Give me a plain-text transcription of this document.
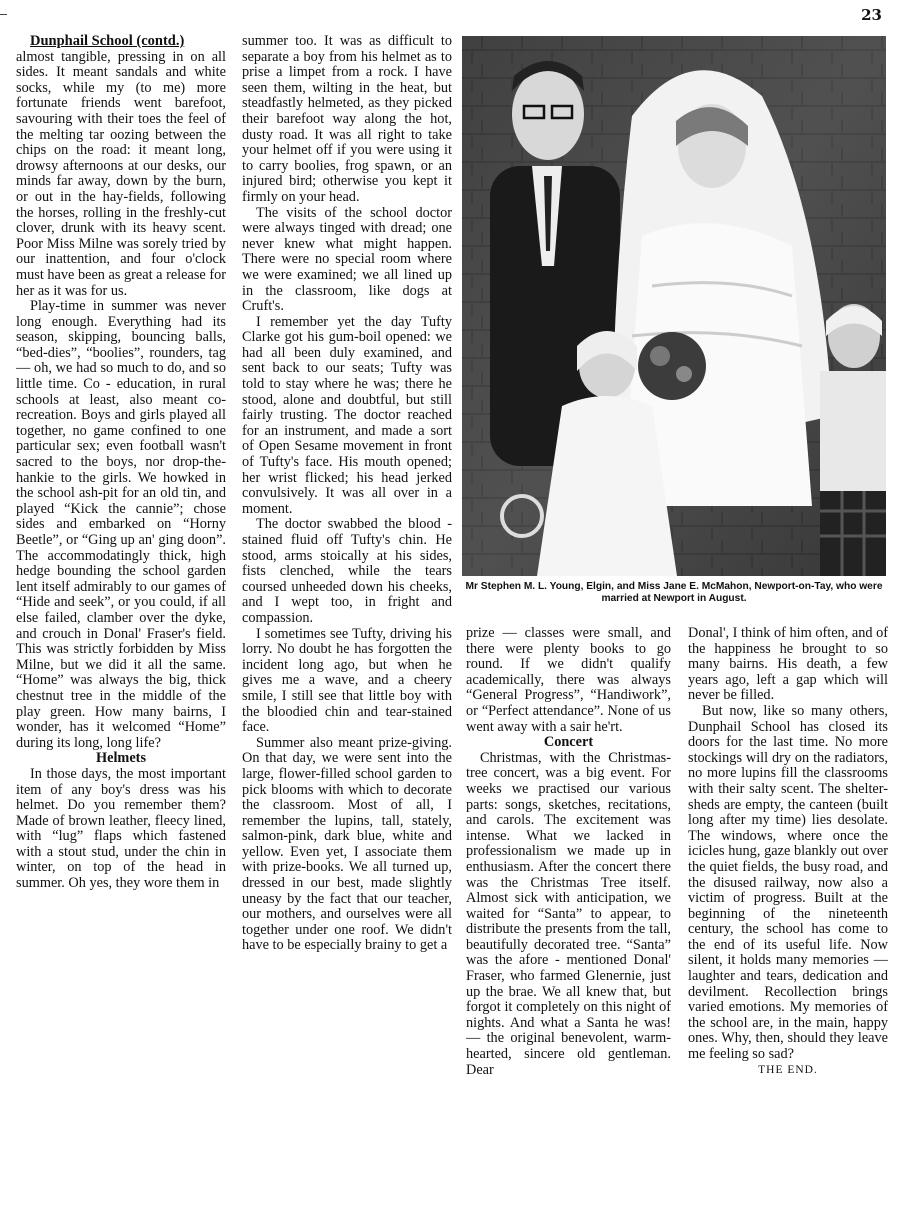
23

Dunphail School (contd.)

almost tangible, pressing in on all sides. It meant sandals and white socks, while my (to me) more fortunate friends went barefoot, savouring with their toes the feel of the melting tar oozing between the chips on the road: it meant long, drowsy afternoons at our desks, our minds far away, down by the burn, or out in the hay-fields, following the horses, rolling in the freshly-cut clover, drunk with its heavy scent. Poor Miss Milne was sorely tried by our inattention, and four o'clock must have been as great a release for her as it was for us.

Play-time in summer was never long enough. Everything had its season, skipping, bouncing balls, “bed-dies”, “boolies”, rounders, tag — oh, we had so much to do, and so little time. Co - education, in rural schools at least, also meant co-recreation. Boys and girls played all together, no game confined to one particular sex; even football wasn't sacred to the boys, nor drop-the-hankie to the girls. We howked in the school ash-pit for an old tin, and played “Kick the cannie”; chose sides and embarked on “Horny Beetle”, or “Ging up an' ging doon”. The accommodatingly thick, high hedge bounding the school garden lent itself admirably to our games of “Hide and seek”, or you could, if all else failed, clamber over the dyke, and crouch in Donal' Fraser's field. This was strictly forbidden by Miss Milne, but we did it all the same. “Home” was always the big, thick chestnut tree in the middle of the play green. How many bairns, I wonder, has it welcomed “Home” during its long, long life?

Helmets

In those days, the most important item of any boy's dress was his helmet. Do you remember them? Made of brown leather, fleecy lined, with “lug” flaps which fastened with a stout stud, under the chin in winter, on top of the head in summer. Oh yes, they wore them in

summer too. It was as difficult to separate a boy from his helmet as to prise a limpet from a rock. I have seen them, wilting in the heat, but steadfastly helmeted, as they picked their barefoot way along the hot, dusty road. It was all right to take your helmet off if you were using it to carry boolies, frog spawn, or an injured bird; otherwise you kept it firmly on your head.

The visits of the school doctor were always tinged with dread; one never knew what might happen. There were no special room where we were examined; we all lined up in the classroom, like dogs at Cruft's.

I remember yet the day Tufty Clarke got his gum-boil opened: we had all been duly examined, and sent back to our seats; Tufty was told to stay where he was; there he stood, alone and doubtful, but still fairly trusting. The doctor reached for an instrument, and made a sort of Open Sesame movement in front of Tufty's face. His mouth opened; her wrist flicked; his head jerked convulsively. It was all over in a moment.

The doctor swabbed the blood - stained fluid off Tufty's chin. He stood, arms stoically at his sides, fists clenched, while the tears coursed unheeded down his cheeks, and I wept too, in fright and compassion.

I sometimes see Tufty, driving his lorry. No doubt he has forgotten the incident long ago, but when he gives me a wave, and a cheery smile, I still see that little boy with the bloodied chin and tear-stained face.

Summer also meant prize-giving. On that day, we were sent into the large, flower-filled school garden to pick blooms with which to decorate the classroom. Most of all, I remember the lupins, tall, stately, salmon-pink, dark blue, white and yellow. Even yet, I associate them with prize-books. We all turned up, dressed in our best, made slightly uneasy by the fact that our teacher, our mothers, and ourselves were all together under one roof. We didn't have to be especially brainy to get a

Mr Stephen M. L. Young, Elgin, and Miss Jane E. McMahon, Newport-on-Tay, who were married at Newport in August.

prize — classes were small, and there were plenty books to go round. If we didn't qualify academically, there was always “General Progress”, “Handiwork”, or “Perfect attendance”. None of us went away with a sair he'rt.

Concert

Christmas, with the Christmas-tree concert, was a big event. For weeks we practised our various parts: songs, sketches, recitations, and carols. The excitement was intense. What we lacked in professionalism we made up in enthusiasm. After the concert there was the Christmas Tree itself. Almost sick with anticipation, we waited for “Santa” to appear, to distribute the presents from the tall, beautifully decorated tree. “Santa” was the afore - mentioned Donal' Fraser, who farmed Glenernie, just up the brae. We all knew that, but forgot it completely on this night of nights. And what a Santa he was! — the original benevolent, warm-hearted, sincere old gentleman. Dear

Donal', I think of him often, and of the happiness he brought to so many bairns. His death, a few years ago, left a gap which will never be filled.

But now, like so many others, Dunphail School has closed its doors for the last time. No more stockings will dry on the radiators, no more lupins fill the classrooms with their salty scent. The shelter-sheds are empty, the canteen (built long after my time) lies desolate. The windows, where once the icicles hung, gaze blankly out over the quiet fields, the busy road, and the disused railway, now also a victim of progress. Built at the beginning of the nineteenth century, the school has come to the end of its useful life. Now silent, it holds many memories — laughter and tears, dedication and devilment. Recollection brings varied emotions. My memories of the school are, in the main, happy ones. Why, then, should they leave me feeling so sad?

THE END.
